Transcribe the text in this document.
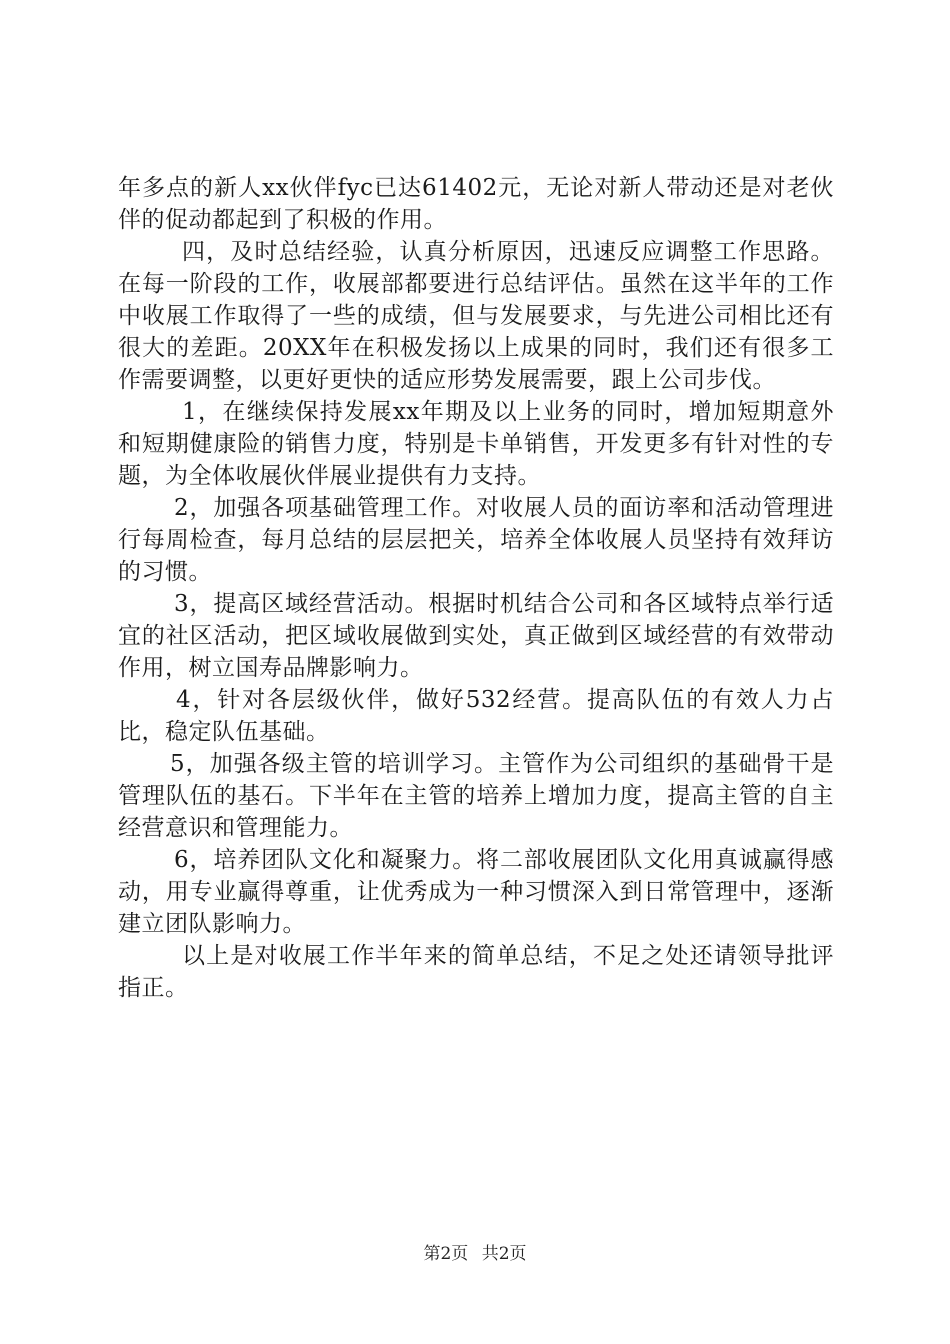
年多点的新人xx伙伴fyc已达61402元，无论对新人带动还是对老伙伴的促动都起到了积极的作用。

四，及时总结经验，认真分析原因，迅速反应调整工作思路。在每一阶段的工作，收展部都要进行总结评估。虽然在这半年的工作中收展工作取得了一些的成绩，但与发展要求，与先进公司相比还有很大的差距。20XX年在积极发扬以上成果的同时，我们还有很多工作需要调整，以更好更快的适应形势发展需要，跟上公司步伐。

1，在继续保持发展xx年期及以上业务的同时，增加短期意外和短期健康险的销售力度，特别是卡单销售，开发更多有针对性的专题，为全体收展伙伴展业提供有力支持。

2，加强各项基础管理工作。对收展人员的面访率和活动管理进行每周检查，每月总结的层层把关，培养全体收展人员坚持有效拜访的习惯。

3，提高区域经营活动。根据时机结合公司和各区域特点举行适宜的社区活动，把区域收展做到实处，真正做到区域经营的有效带动作用，树立国寿品牌影响力。

4，针对各层级伙伴，做好532经营。提高队伍的有效人力占比，稳定队伍基础。

5，加强各级主管的培训学习。主管作为公司组织的基础骨干是管理队伍的基石。下半年在主管的培养上增加力度，提高主管的自主经营意识和管理能力。

6，培养团队文化和凝聚力。将二部收展团队文化用真诚赢得感动，用专业赢得尊重，让优秀成为一种习惯深入到日常管理中，逐渐建立团队影响力。

以上是对收展工作半年来的简单总结，不足之处还请领导批评指正。

第2页 共2页
